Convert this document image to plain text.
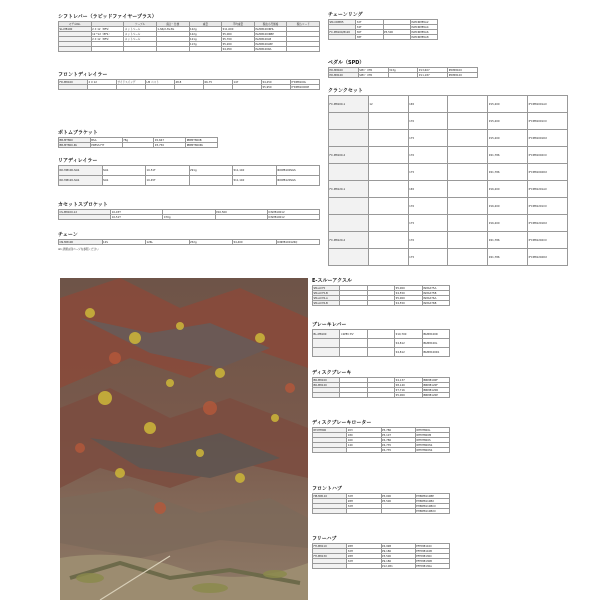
シフトレバー（ラピッドファイヤープラス）
モデルNo.		ケーブル	適合・仕様	重量	平均重量	税抜小売価格	税込コード
SL-M8100	2 X 12（BFS）	ホットペール	1-SR/2-SV-BL	122g	¥11,600	ISLM8100IRHL	
	12 *12（BFS）	ホットペール		122g	¥5,000	ISLM8100IRBP	
	2 X 12（BFS）	ホットペール		121g	¥5,700	ISLM8100LB	
				113g	¥5,200	ISLM8100LBP	
					¥4,050	ISLM8100RA	
チェーンリング
SM-CRM85	32T		ISMCRM85A2
	34T		ISMCRM85A4
FC-M8100/8120	36T	¥5,500	ISMCRM85A6
	38T		ISMCRM85A8
フロントディレイラー
FD-M8100	2 X 12	サイドスイング	LM ベスト	48.8	66-75	147	¥4,250	IFDM8100L
							¥5,950	IFDM8100DM
ペダル（SPD）
PD-M8100	SPD・XTR	313g	¥13,607	IPDM8100
PD-M8120	SPD・XTR		¥11,187	IPDM8120
クランクセット
FC-M8100-1	12	165		¥15,200	IFCM81001AX
		170		¥15,200	IFCM81001CX
		175		¥15,200	IFCM81001DX
FC-M8100-2		170		¥41,786	IFCM81002CX
		175		¥41,786	IFCM81002DX
FC-M8120-1		165		¥16,200	IFCM81201AX
		170		¥16,200	IFCM81201CX
		175		¥16,200	IFCM81201DX
FC-M8120-2		170		¥41,786	IFCM81202CX
		175		¥41,786	IFCM81202DX
ボトムブラケット
BB-MT800	BSA	78g	¥2,667	IBBMT800B
BB-MT800-PA	PRESS FIT		¥3,750	IBBMT800PA
リアディレイラー
RD-M8100-SGS	SGS	10-51T	291g	¥11,140	IRDM8100SGS
RD-M8120-SGS	SGS	10-45T		¥11,140	IRDM8120SGS
カセットスプロケット
CS-M8100-12	10-45T		¥10,500	ICSM810012
	10-51T	470g		ICSM810012
チェーン
CN-M8100	12S	126L	252g	¥4,400	ICNM8100126Q
※1 詳細は別ページを参照ください
E-スルーアクスル
SM-AX75			¥5,000	ISMAX75A
SM-AX75-B			¥4,550	ISMAX75B
SM-AX76-A			¥5,000	ISMAX76A
SM-AX76-B			¥4,550	ISMAX76B
ブレーキレバー
BL-M8100	I-SPEC EV		¥10,700	IBLM8100R
			¥4,812	IBLM8100L
			¥4,812	IBLM8100R1
ディスクブレーキ
BR-M8100			¥4,137	IBRM8100F
BR-M8120			¥8,140	IBRM8120F
			¥7,716	IBRM8120R
			¥5,000	IBRM8120P
ディスクブレーキローター
RT-MT800	203	¥5,786	IRTMT800L
	180	¥5,107	IRTMT800M
	160	¥4,786	IRTMT800S
	140	¥4,735	IRTMT800SS
		¥4,735	IRTMT800SS
フロントハブ
HB-M8110	32H	¥5,000	EHBM8110BE
	28H	¥5,500	EHBM8110BX
	32H		EHBM8110BCX
			EHBM8110BXX
フリーハブ
FH-M8110	28H	¥4,998	EFHM8110C
	32H	¥9,186	EFHM8110B
FH-M8130	28H	¥3,500	EFHM8130C
	32H	¥9,186	EFHM8130B
		¥12,081	EFHM8130A
